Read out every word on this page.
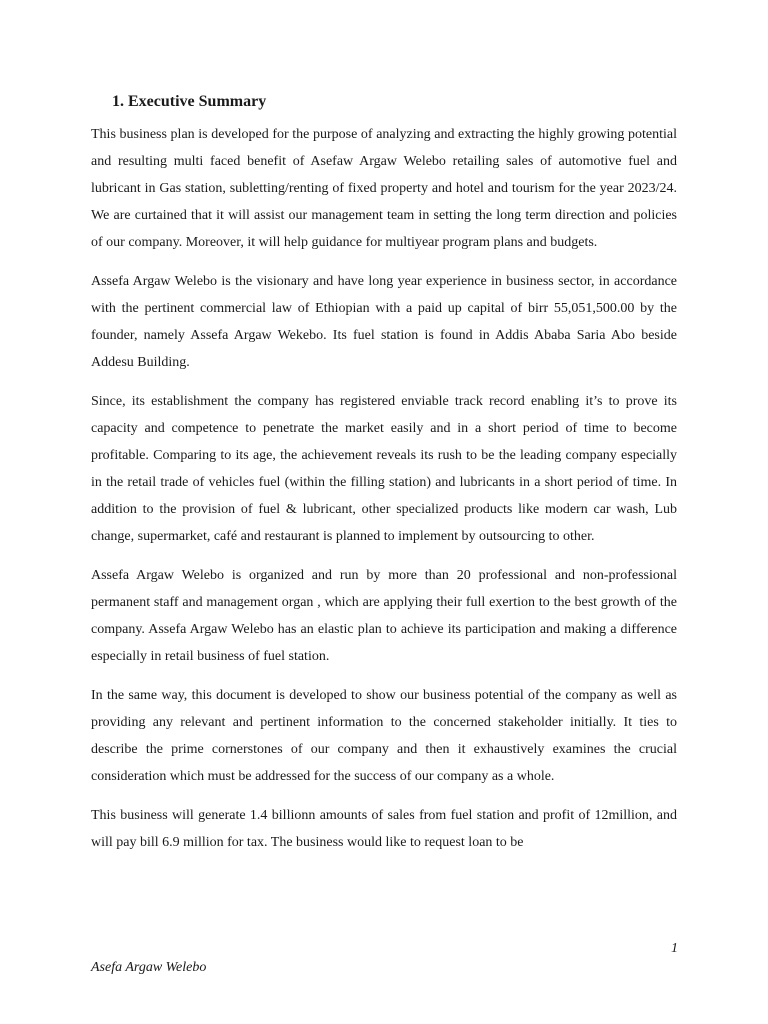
1. Executive Summary

This business plan is developed for the purpose of analyzing and extracting the highly growing potential and resulting multi faced benefit of Asefaw Argaw Welebo retailing sales of automotive fuel and lubricant in Gas station, subletting/renting of fixed property and hotel and tourism for the year 2023/24. We are curtained that it will assist our management team in setting the long term direction and policies of our company. Moreover, it will help guidance for multiyear program plans and budgets.

Assefa Argaw Welebo is the visionary and have long year experience in business sector, in accordance with the pertinent commercial law of Ethiopian with a paid up capital of birr 55,051,500.00 by the founder, namely Assefa Argaw Wekebo. Its fuel station is found in Addis Ababa Saria Abo beside Addesu Building.

Since, its establishment the company has registered enviable track record enabling it’s to prove its capacity and competence to penetrate the market easily and in a short period of time to become profitable. Comparing to its age, the achievement reveals its rush to be the leading company especially in the retail trade of vehicles fuel (within the filling station) and lubricants in a short period of time. In addition to the provision of fuel & lubricant, other specialized products like modern car wash, Lub change, supermarket, café and restaurant is planned to implement by outsourcing to other.

Assefa Argaw Welebo is organized and run by more than 20 professional and non-professional permanent staff and management organ , which are applying their full exertion to the best growth of the company. Assefa Argaw Welebo has an elastic plan to achieve its participation and making a difference especially in retail business of fuel station.

In the same way, this document is developed to show our business potential of the company as well as providing any relevant and pertinent information to the concerned stakeholder initially. It ties to describe the prime cornerstones of our company and then it exhaustively examines the crucial consideration which must be addressed for the success of our company as a whole.

This business will generate 1.4 billionn amounts of sales from fuel station and profit of 12million, and will pay bill 6.9 million for tax. The business would like to request loan to be

1
Asefa Argaw Welebo
